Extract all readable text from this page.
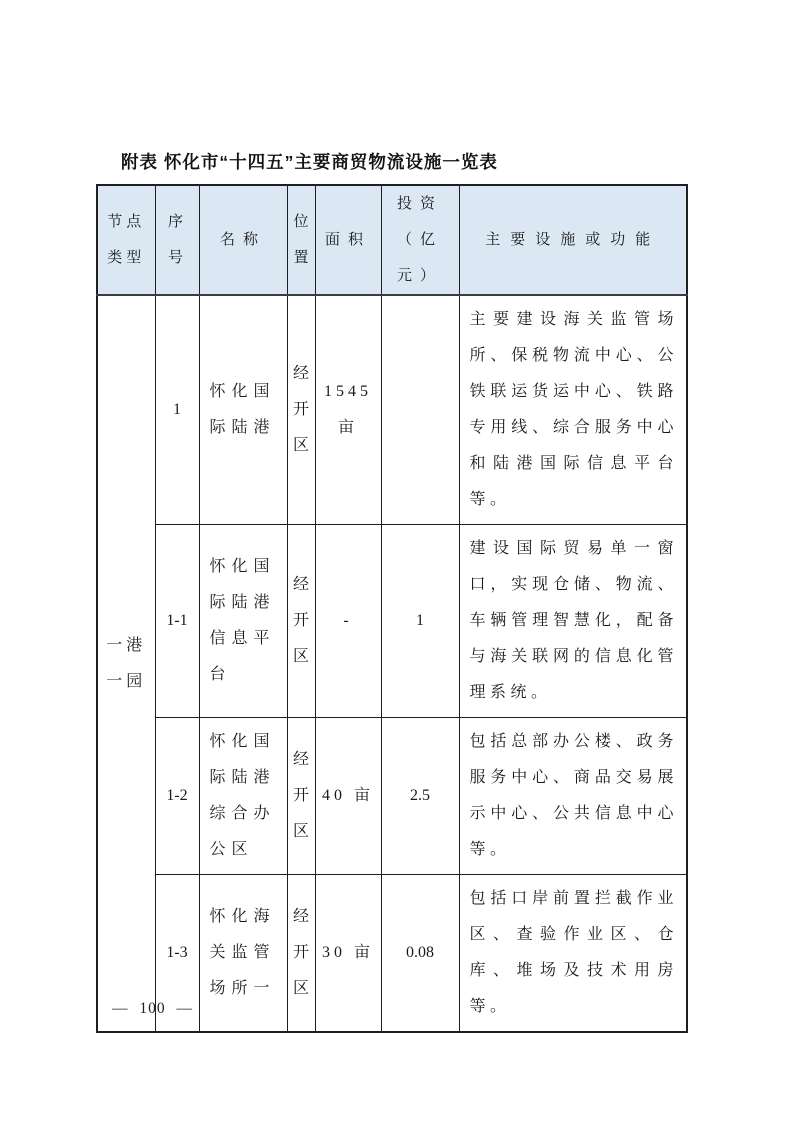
附表 怀化市“十四五”主要商贸物流设施一览表
节点类型	序号	名称	位置	面积	投资（亿元）	主要设施或功能
一港一园	1	怀化国际陆港	经开区	1545亩		主要建设海关监管场所、保税物流中心、公铁联运货运中心、铁路专用线、综合服务中心和陆港国际信息平台等。
	1-1	怀化国际陆港信息平台	经开区	-	1	建设国际贸易单一窗口，实现仓储、物流、车辆管理智慧化，配备与海关联网的信息化管理系统。
	1-2	怀化国际陆港综合办公区	经开区	40 亩	2.5	包括总部办公楼、政务服务中心、商品交易展示中心、公共信息中心等。
	1-3	怀化海关监管场所一	经开区	30 亩	0.08	包括口岸前置拦截作业区、查验作业区、仓库、堆场及技术用房等。
— 100 —
